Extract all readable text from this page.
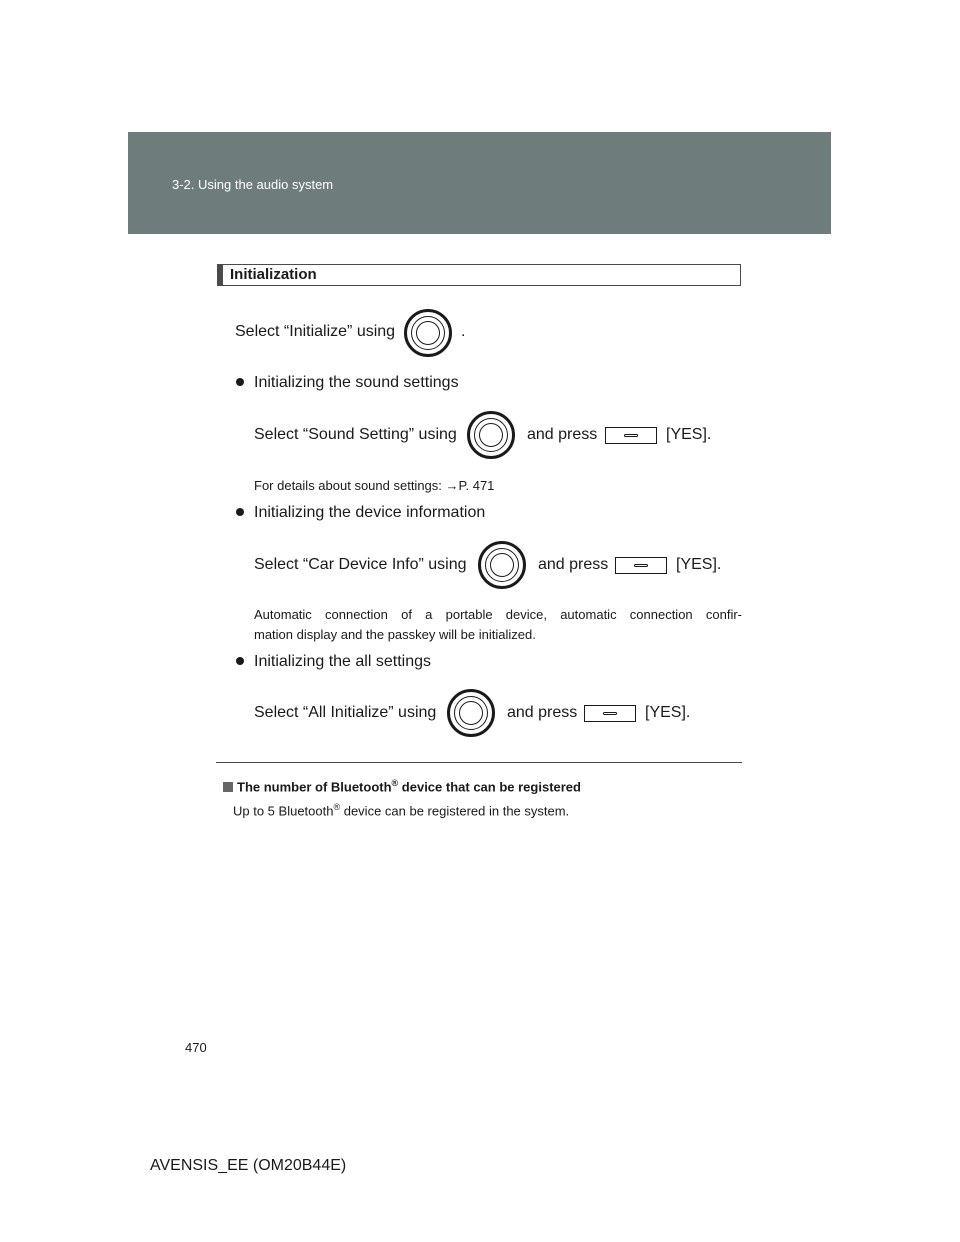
3-2. Using the audio system
Initialization
Select “Initialize” using	.
Initializing the sound settings
Select “Sound Setting” using	and press	[YES].
For details about sound settings: →P. 471
Initializing the device information
Select “Car Device Info” using	and press	[YES].
Automatic connection of a portable device, automatic connection confir-
mation display and the passkey will be initialized.
Initializing the all settings
Select “All Initialize” using	and press	[YES].
The number of Bluetooth® device that can be registered
Up to 5 Bluetooth® device can be registered in the system.
470
AVENSIS_EE (OM20B44E)
